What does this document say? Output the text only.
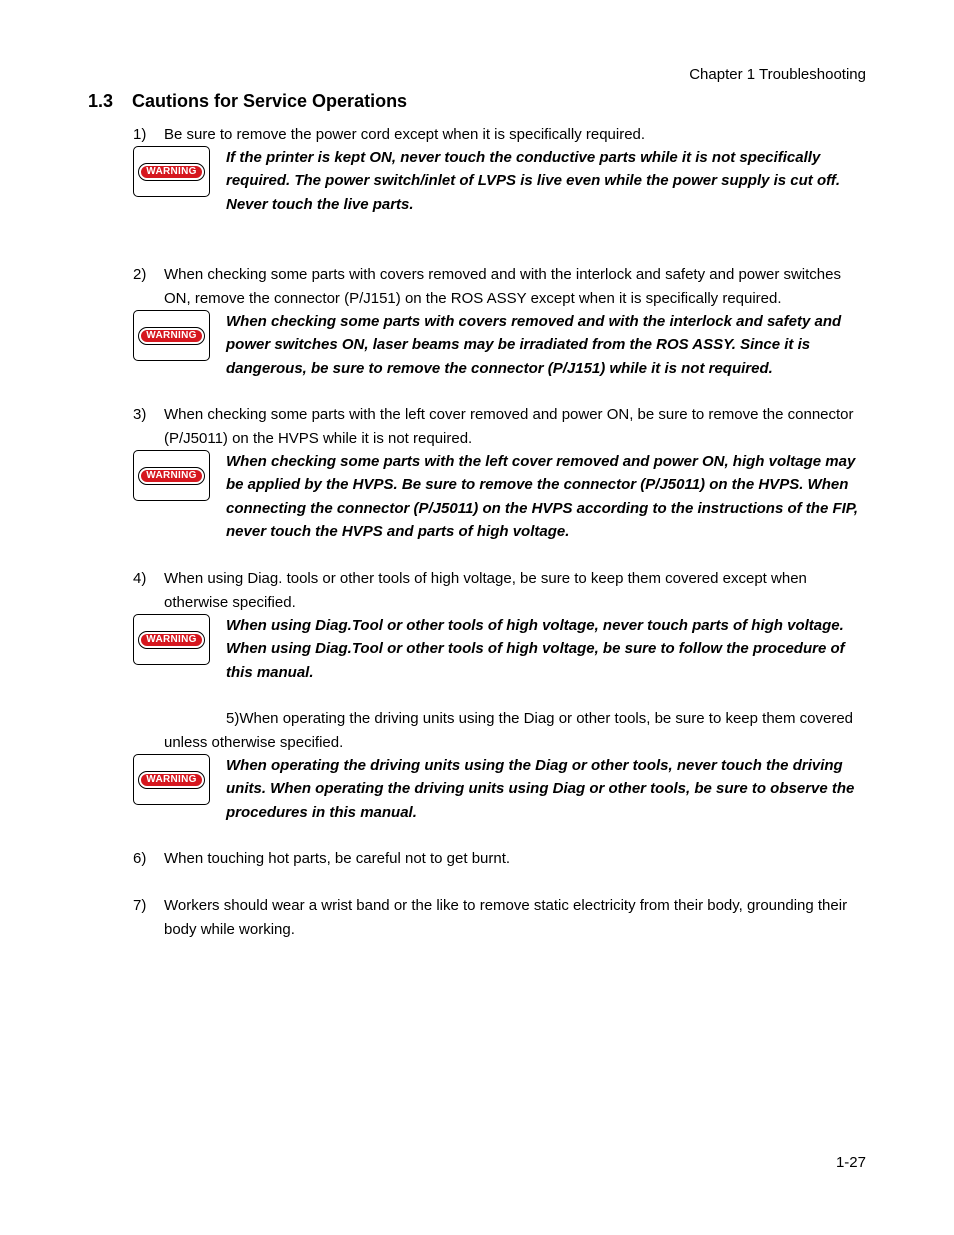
Chapter 1 Troubleshooting
1.3 Cautions for Service Operations
1) Be sure to remove the power cord except when it is specifically required.
WARNING
If the printer is kept ON, never touch the conductive parts while it is not specifically required. The power switch/inlet of LVPS is live even while the power supply is cut off. Never touch the live parts.
2) When checking some parts with covers removed and with the interlock and safety and power switches ON, remove the connector (P/J151) on the ROS ASSY except when it is specifically required.
WARNING
When checking some parts with covers removed and with the interlock and safety and power switches ON, laser beams may be irradiated from the ROS ASSY. Since it is dangerous, be sure to remove the connector (P/J151) while it is not required.
3) When checking some parts with the left cover removed and power ON, be sure to remove the connector (P/J5011) on the HVPS while it is not required.
WARNING
When checking some parts with the left cover removed and power ON, high voltage may be applied by the HVPS. Be sure to remove the connector (P/J5011) on the HVPS. When connecting the connector (P/J5011) on the HVPS according to the instructions of the FIP, never touch the HVPS and parts of high voltage.
4) When using Diag. tools or other tools of high voltage, be sure to keep them covered except when otherwise specified.
WARNING
When using Diag.Tool or other tools of high voltage, never touch parts of high voltage. When using Diag.Tool or other tools of high voltage, be sure to follow the procedure of this manual.
5)When operating the driving units using the Diag or other tools, be sure to keep them covered unless otherwise specified.
WARNING
When operating the driving units using the Diag or other tools, never touch the driving units. When operating the driving units using Diag or other tools, be sure to observe the procedures in this manual.
6) When touching hot parts, be careful not to get burnt.
7) Workers should wear a wrist band or the like to remove static electricity from their body, grounding their body while working.
1-27
